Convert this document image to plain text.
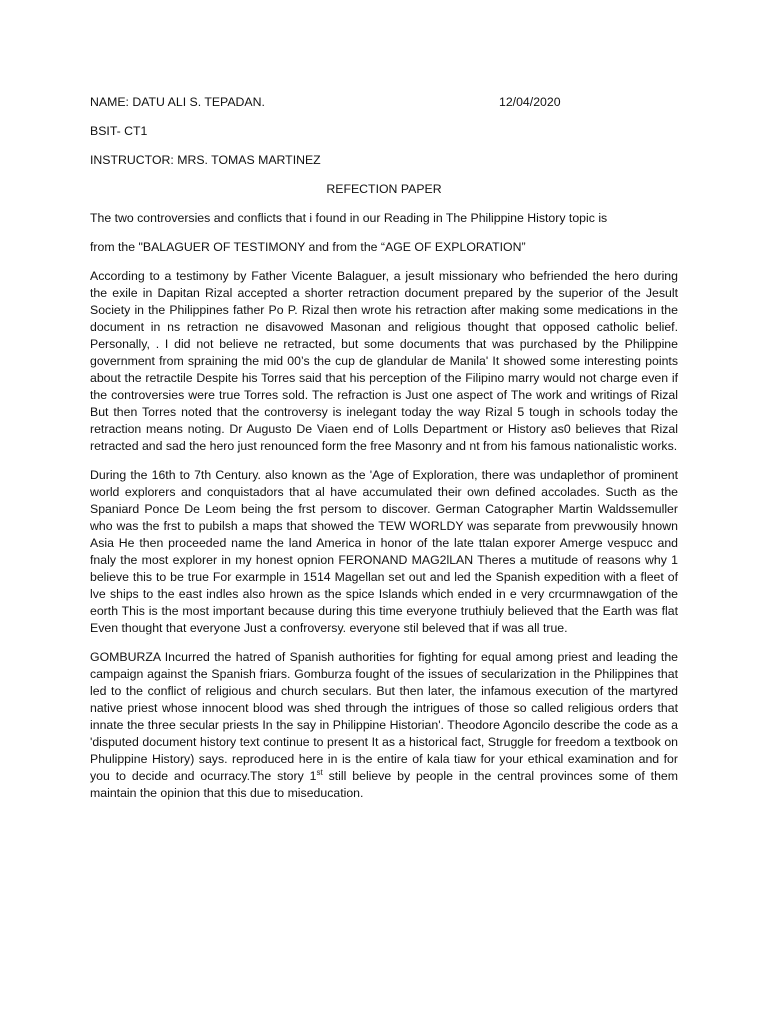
NAME: DATU ALI S. TEPADAN.	12/04/2020
BSIT- CT1
INSTRUCTOR: MRS. TOMAS MARTINEZ
REFECTION PAPER

The two controversies and conflicts that i found in our Reading in The Philippine History topic is

from the "BALAGUER OF TESTIMONY and from the “AGE OF EXPLORATION”

According to a testimony by Father Vicente Balaguer, a jesult missionary who befriended the hero during the exile in Dapitan Rizal accepted a shorter retraction document prepared by the superior of the Jesult Society in the Philippines father Po P. Rizal then wrote his retraction after making some medications in the document in ns retraction ne disavowed Masonan and religious thought that opposed catholic belief. Personally, . I did not believe ne retracted, but some documents that was purchased by the Philippine government from spraining the mid 00’s the cup de glandular de Manila' It showed some interesting points about the retractile Despite his Torres said that his perception of the Filipino marry would not charge even if the controversies were true Torres sold. The refraction is Just one aspect of The work and writings of Rizal But then Torres noted that the controversy is inelegant today the way Rizal 5 tough in schools today the retraction means noting. Dr Augusto De Viaen end of Lolls Department or History as0 believes that Rizal retracted and sad the hero just renounced form the free Masonry and nt from his famous nationalistic works.

During the 16th to 7th Century. also known as the 'Age of Exploration, there was undaplethor of prominent world explorers and conquistadors that al have accumulated their own defined accolades. Sucth as the Spaniard Ponce De Leom being the frst persom to discover. German Catographer Martin Waldssemuller who was the frst to pubilsh a maps that showed the TEW WORLDY was separate from prevwousily hnown Asia He then proceeded name the land America in honor of the late ttalan exporer Amerge vespucc and fnaly the most explorer in my honest opnion FERONAND MAG2lLAN Theres a mutitude of reasons why 1 believe this to be true For exarmple in 1514 Magellan set out and led the Spanish expedition with a fleet of lve ships to the east indles also hrown as the spice Islands which ended in e very crcurmnawgation of the eorth This is the most important because during this time everyone truthiuly believed that the Earth was flat Even thought that everyone Just a confroversy. everyone stil beleved that if was all true.

GOMBURZA Incurred the hatred of Spanish authorities for fighting for equal among priest and leading the campaign against the Spanish friars. Gomburza fought of the issues of secularization in the Philippines that led to the conflict of religious and church seculars. But then later, the infamous execution of the martyred native priest whose innocent blood was shed through the intrigues of those so called religious orders that innate the three secular priests In the say in Philippine Historian'. Theodore Agoncilo describe the code as a 'disputed document history text continue to present It as a historical fact, Struggle for freedom a textbook on Phulippine History) says. reproduced here in is the entire of kala tiaw for your ethical examination and for you to decide and ocurracy.The story 1st still believe by people in the central provinces some of them maintain the opinion that this due to miseducation.
